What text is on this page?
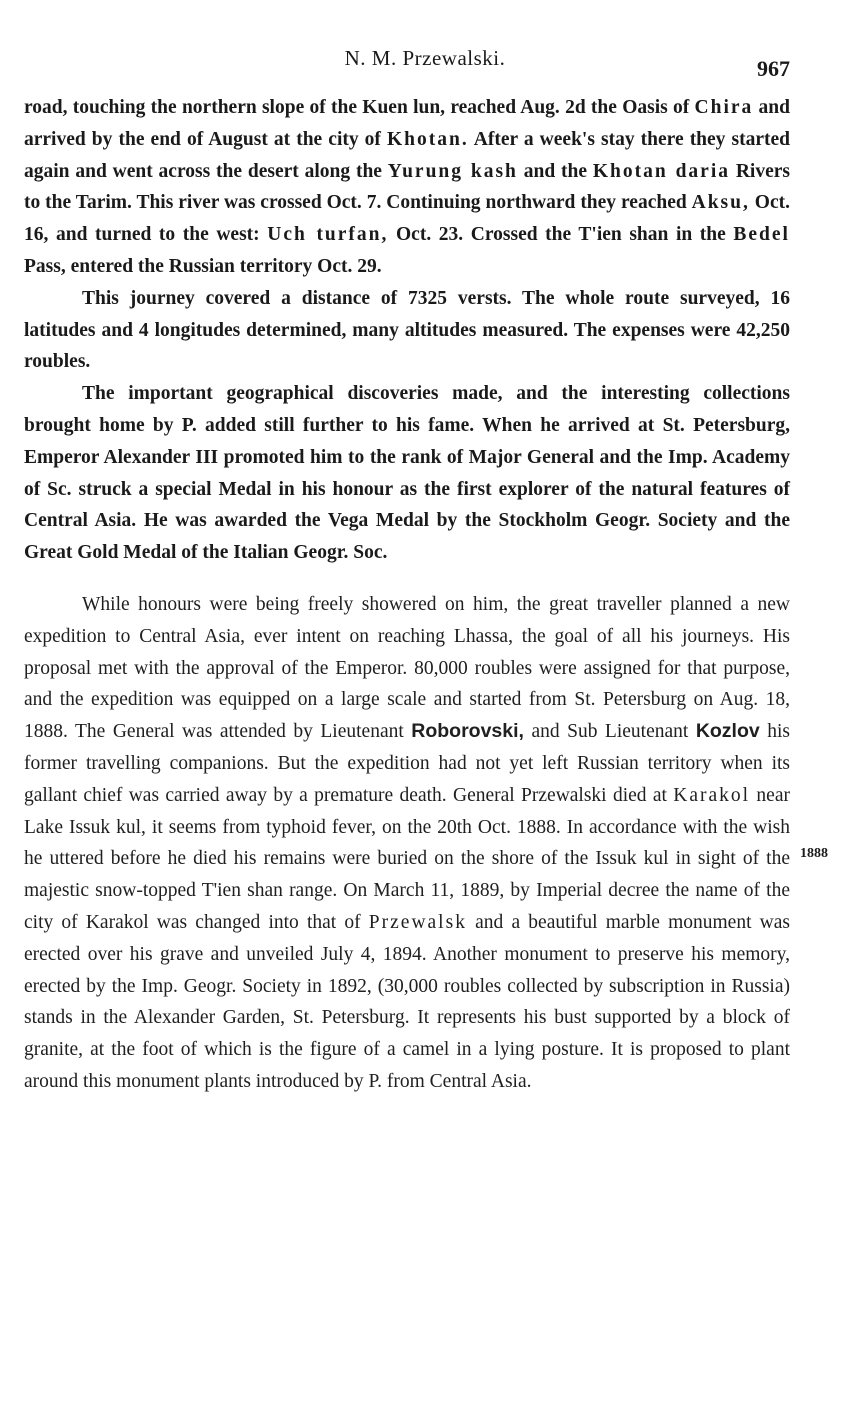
N. M. Przewalski.	967
1888

road, touching the northern slope of the Kuen lun, reached Aug. 2d the Oasis of Chira and arrived by the end of August at the city of Khotan. After a week's stay there they started again and went across the desert along the Yurung kash and the Khotan daria Rivers to the Tarim. This river was crossed Oct. 7. Continuing northward they reached Aksu, Oct. 16, and turned to the west: Uch turfan, Oct. 23. Crossed the T'ien shan in the Bedel Pass, entered the Russian territory Oct. 29.

This journey covered a distance of 7325 versts. The whole route surveyed, 16 latitudes and 4 longitudes determined, many altitudes measured. The expenses were 42,250 roubles.

The important geographical discoveries made, and the interesting collections brought home by P. added still further to his fame. When he arrived at St. Petersburg, Emperor Alexander III promoted him to the rank of Major General and the Imp. Academy of Sc. struck a special Medal in his honour as the first explorer of the natural features of Central Asia. He was awarded the Vega Medal by the Stockholm Geogr. Society and the Great Gold Medal of the Italian Geogr. Soc.

While honours were being freely showered on him, the great traveller planned a new expedition to Central Asia, ever intent on reaching Lhassa, the goal of all his journeys. His proposal met with the approval of the Emperor. 80,000 roubles were assigned for that purpose, and the expedition was equipped on a large scale and started from St. Petersburg on Aug. 18, 1888. The General was attended by Lieutenant Roborovski, and Sub Lieutenant Kozlov his former travelling companions. But the expedition had not yet left Russian territory when its gallant chief was carried away by a premature death. General Przewalski died at Karakol near Lake Issuk kul, it seems from typhoid fever, on the 20th Oct. 1888. In accordance with the wish he uttered before he died his remains were buried on the shore of the Issuk kul in sight of the majestic snow-topped T'ien shan range. On March 11, 1889, by Imperial decree the name of the city of Karakol was changed into that of Przewalsk and a beautiful marble monument was erected over his grave and unveiled July 4, 1894. Another monument to preserve his memory, erected by the Imp. Geogr. Society in 1892, (30,000 roubles collected by subscription in Russia) stands in the Alexander Garden, St. Petersburg. It represents his bust supported by a block of granite, at the foot of which is the figure of a camel in a lying posture. It is proposed to plant around this monument plants introduced by P. from Central Asia.
